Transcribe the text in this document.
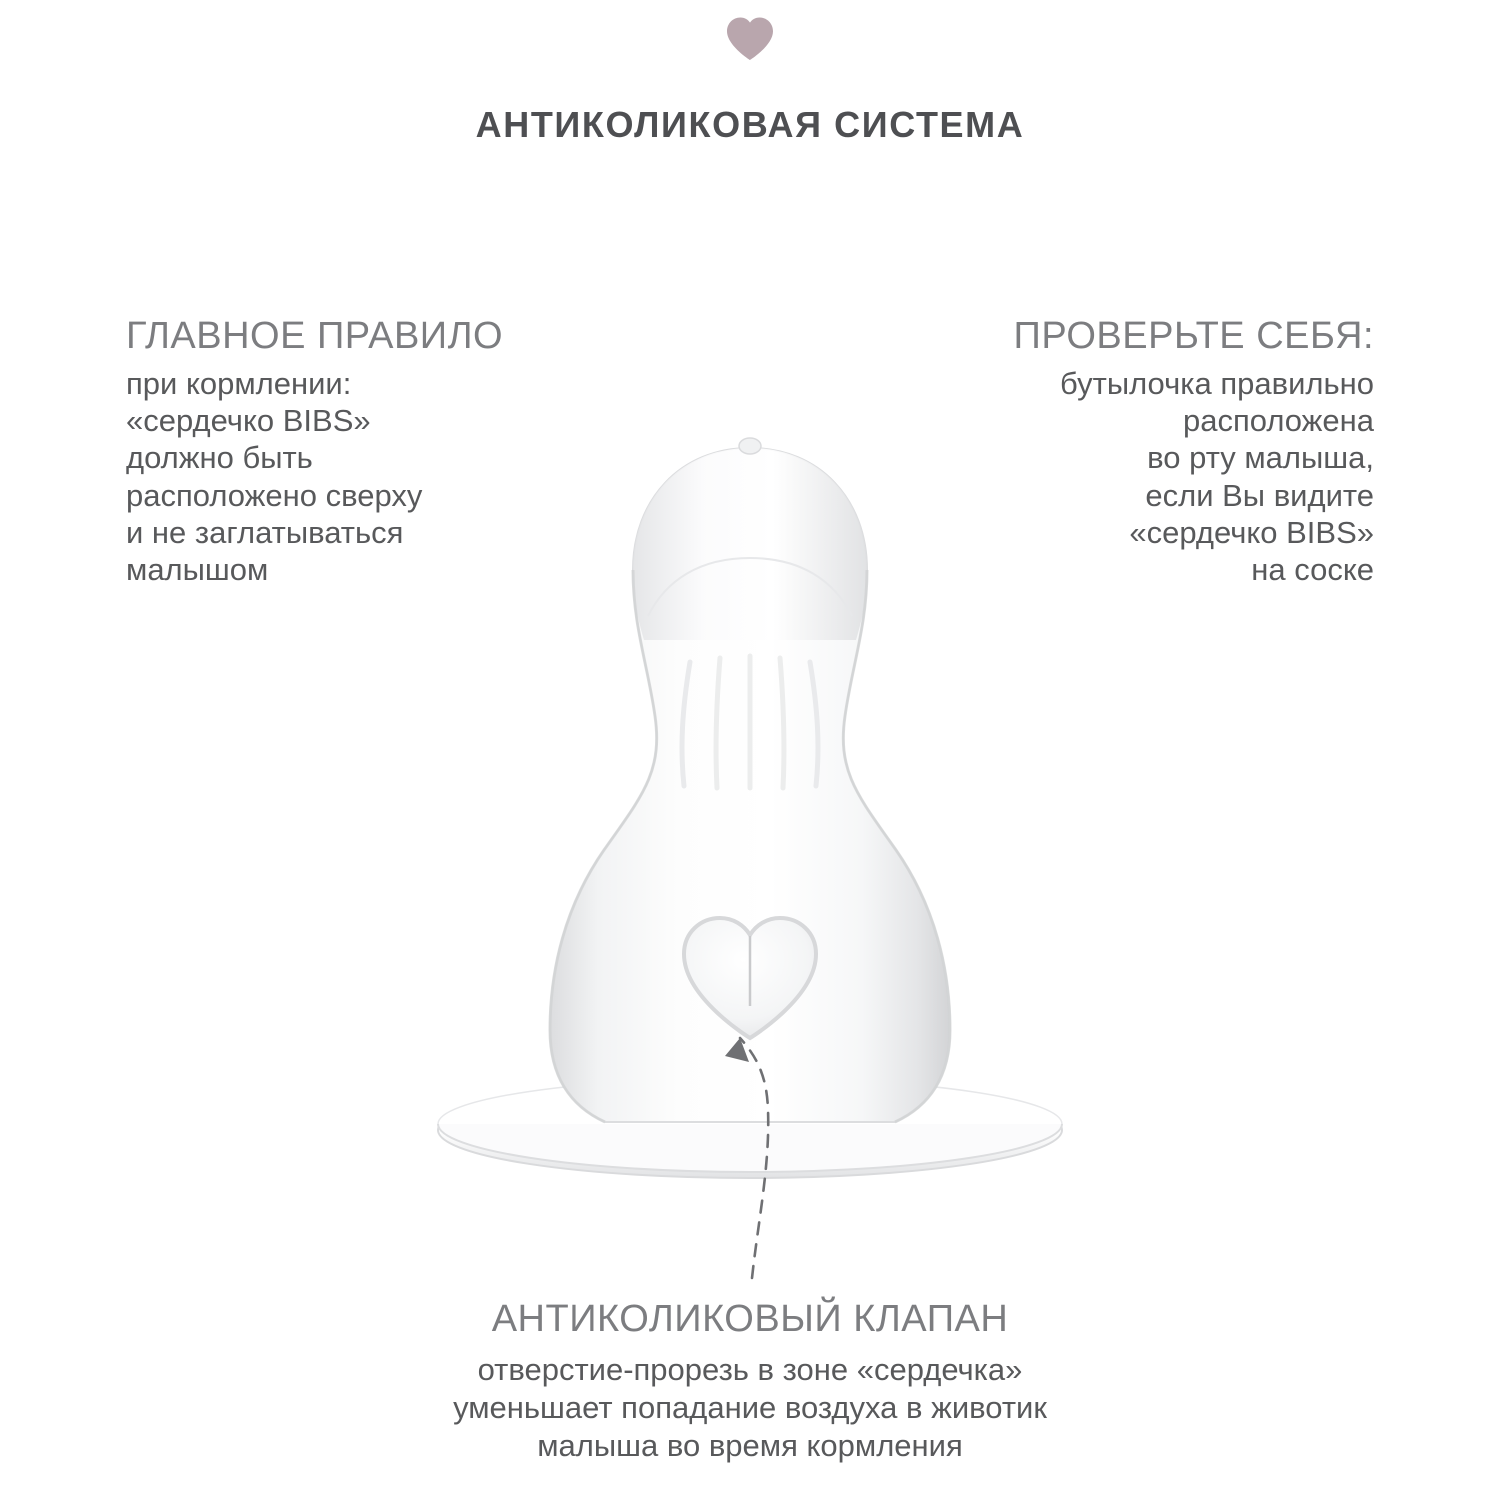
АНТИКОЛИКОВАЯ СИСТЕМА
ГЛАВНОЕ ПРАВИЛО
при кормлении:
«сердечко BIBS»
должно быть
расположено сверху
и не заглатываться
малышом
ПРОВЕРЬТЕ СЕБЯ:
бутылочка правильно
расположена
во рту малыша,
если Вы видите
«сердечко BIBS»
на соске
АНТИКОЛИКОВЫЙ КЛАПАН
отверстие-прорезь в зоне «сердечка»
уменьшает попадание воздуха в животик
малыша во время кормления
